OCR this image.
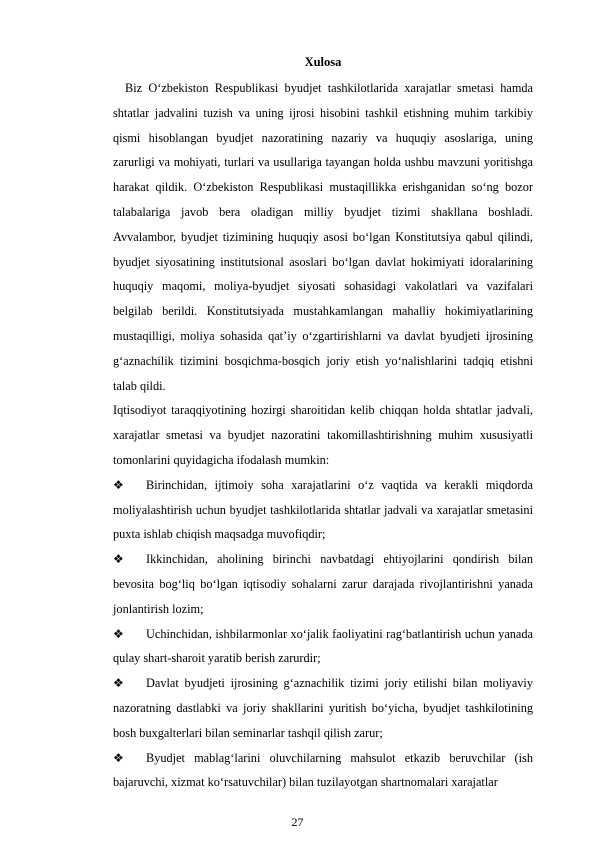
Xulosa

Biz O‘zbekiston Respublikasi byudjet tashkilotlarida xarajatlar smetasi hamda shtatlar jadvalini tuzish va uning ijrosi hisobini tashkil etishning muhim tarkibiy qismi hisoblangan byudjet nazoratining nazariy va huquqiy asoslariga, uning zarurligi va mohiyati, turlari va usullariga tayangan holda ushbu mavzuni yoritishga harakat qildik. O‘zbekiston Respublikasi mustaqillikka erishganidan so‘ng bozor talabalariga javob bera oladigan milliy byudjet tizimi shakllana boshladi. Avvalambor, byudjet tizimining huquqiy asosi bo‘lgan Konstitutsiya qabul qilindi, byudjet siyosatining institutsional asoslari bo‘lgan davlat hokimiyati idoralarining huquqiy maqomi, moliya-byudjet siyosati sohasidagi vakolatlari va vazifalari belgilab berildi. Konstitutsiyada mustahkamlangan mahalliy hokimiyatlarining mustaqilligi, moliya sohasida qat’iy o‘zgartirishlarni va davlat byudjeti ijrosining g‘aznachilik tizimini bosqichma-bosqich joriy etish yo‘nalishlarini tadqiq etishni talab qildi.

Iqtisodiyot taraqqiyotining hozirgi sharoitidan kelib chiqqan holda shtatlar jadvali, xarajatlar smetasi va byudjet nazoratini takomillashtirishning muhim xususiyatli tomonlarini quyidagicha ifodalash mumkin:

❖	Birinchidan, ijtimoiy soha xarajatlarini o‘z vaqtida va kerakli miqdorda moliyalashtirish uchun byudjet tashkilotlarida shtatlar jadvali va xarajatlar smetasini puxta ishlab chiqish maqsadga muvofiqdir;

❖	Ikkinchidan, aholining birinchi navbatdagi ehtiyojlarini qondirish bilan bevosita bog‘liq bo‘lgan iqtisodiy sohalarni zarur darajada rivojlantirishni yanada jonlantirish lozim;

❖	Uchinchidan, ishbilarmonlar xo‘jalik faoliyatini rag‘batlantirish uchun yanada qulay shart-sharoit yaratib berish zarurdir;

❖	Davlat byudjeti ijrosining g‘aznachilik tizimi joriy etilishi bilan moliyaviy nazoratning dastlabki va joriy shakllarini yuritish bo‘yicha, byudjet tashkilotining bosh buxgalterlari bilan seminarlar tashqil qilish zarur;

❖	Byudjet mablag‘larini oluvchilarning mahsulot etkazib beruvchilar (ish bajaruvchi, xizmat ko‘rsatuvchilar) bilan tuzilayotgan shartnomalari xarajatlar

27
